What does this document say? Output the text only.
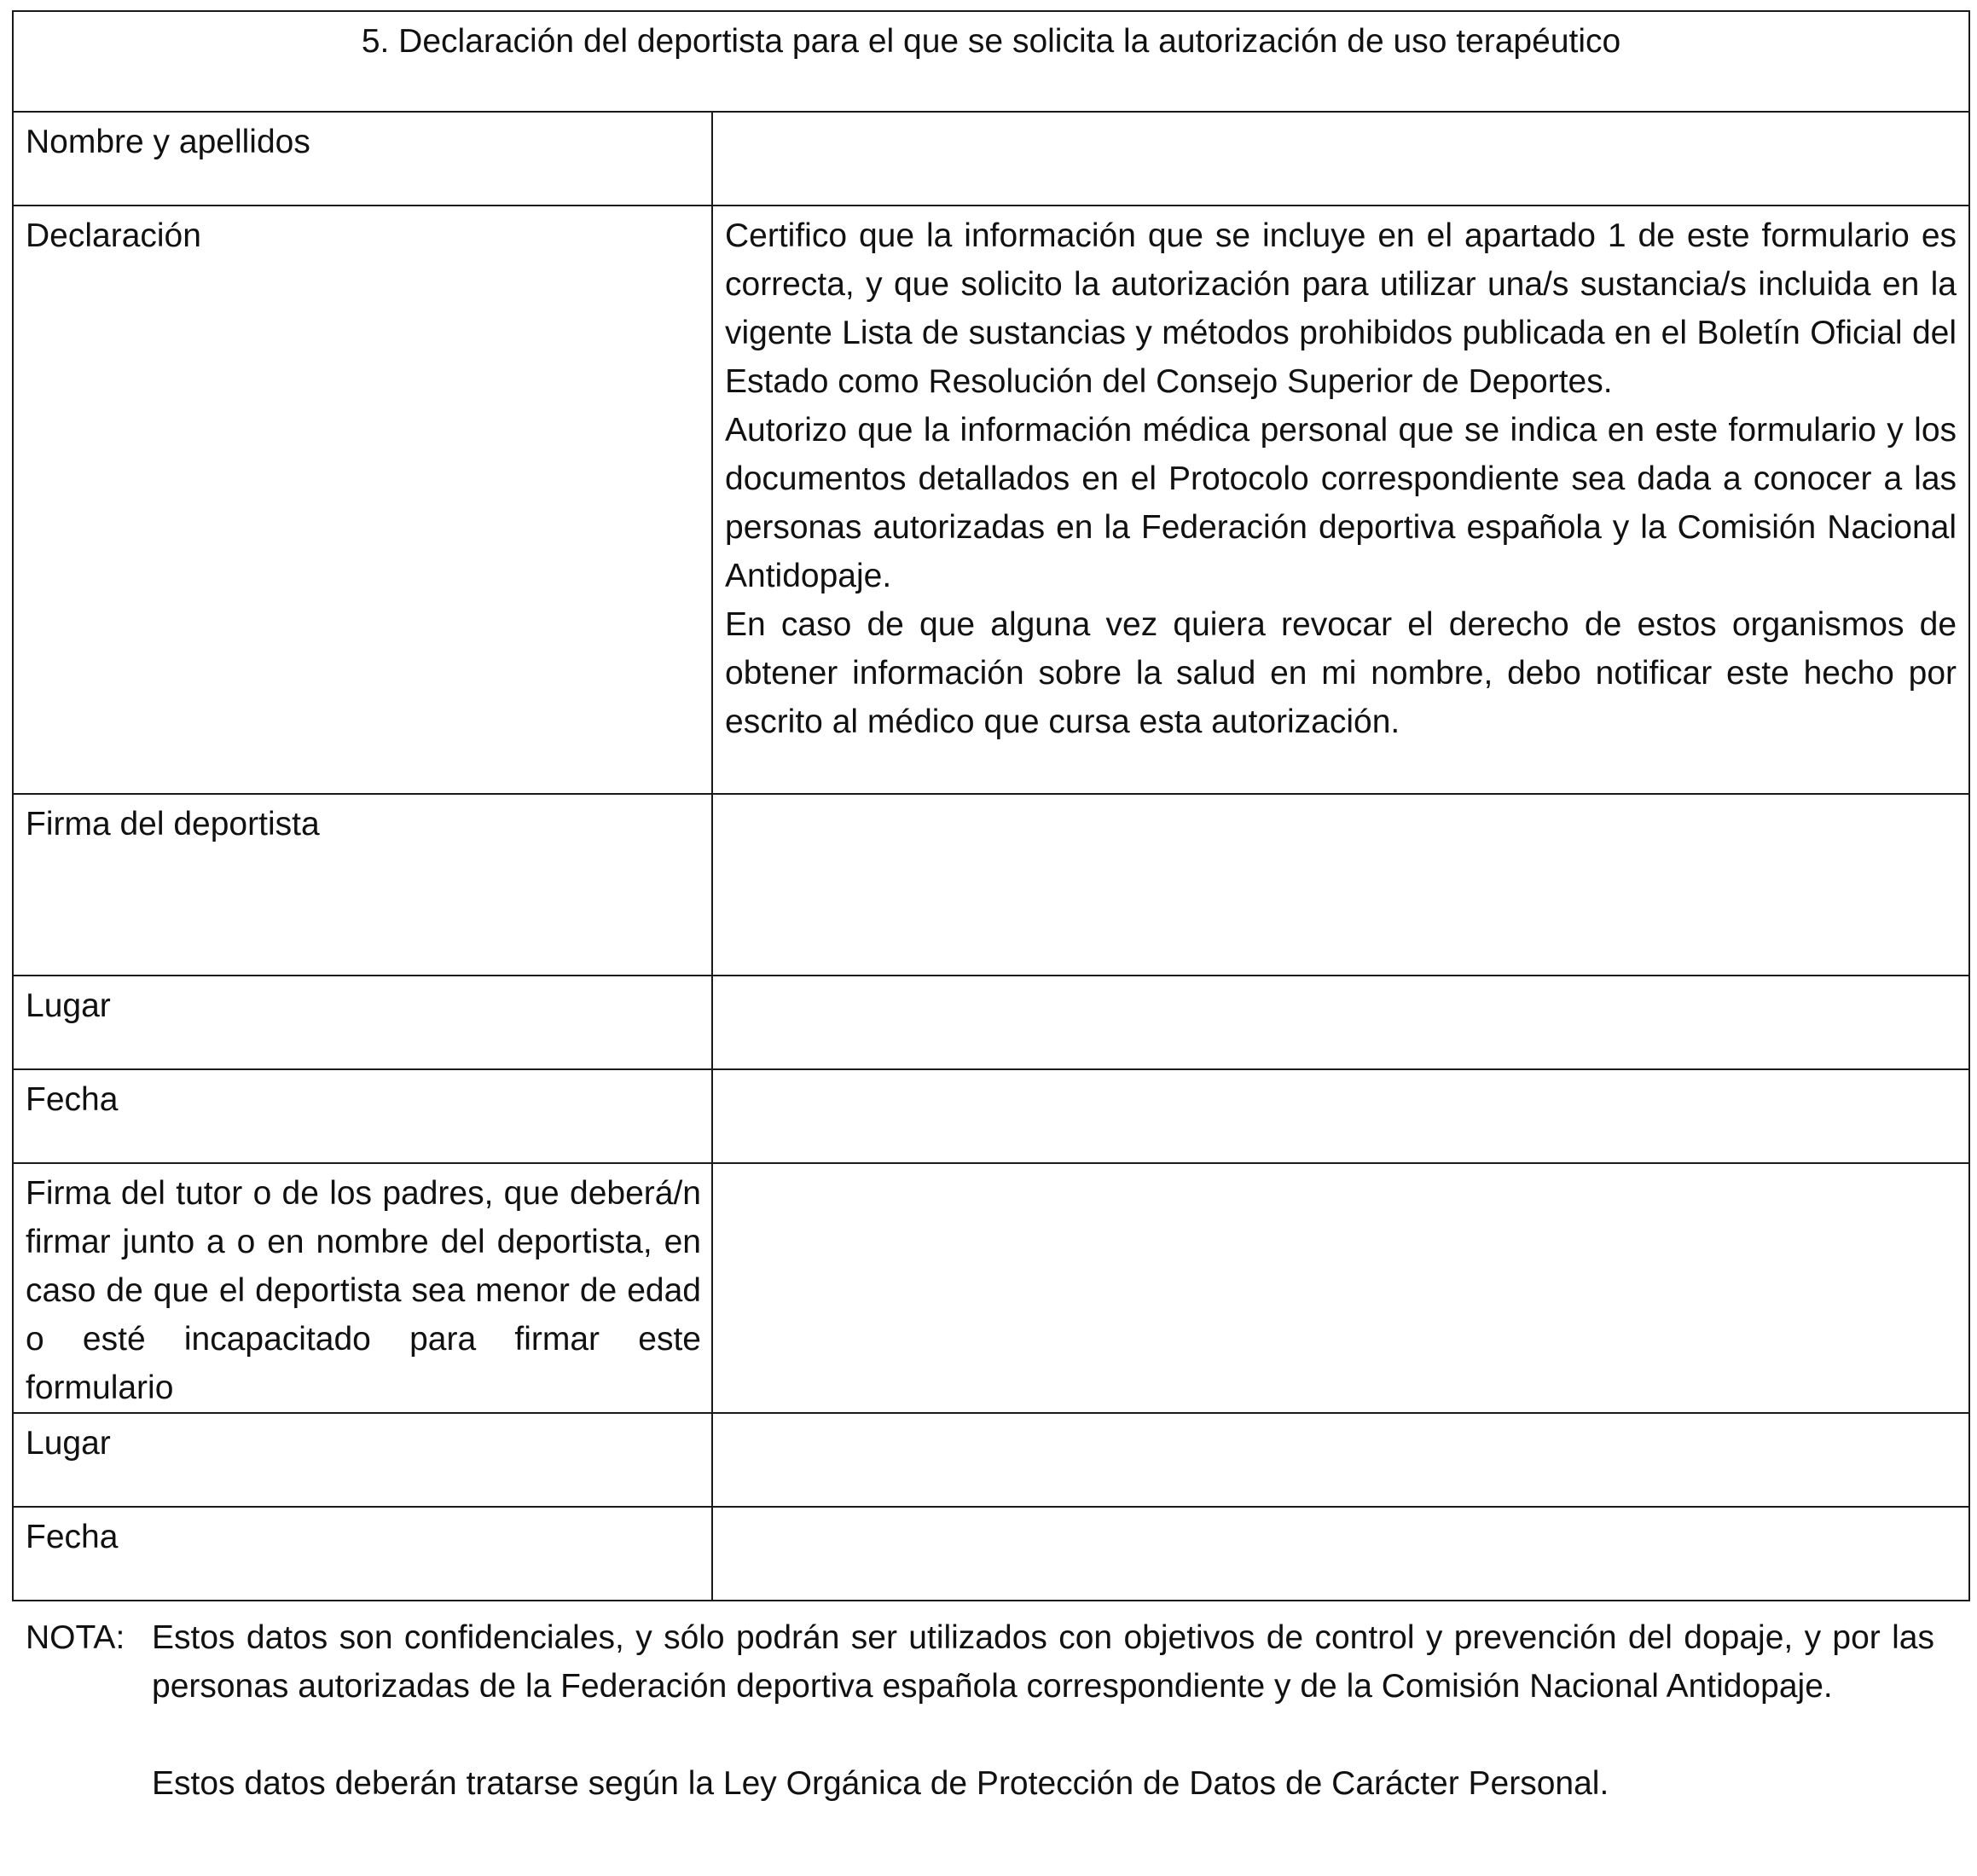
5. Declaración del deportista para el que se solicita la autorización de uso terapéutico	
Nombre y apellidos	
Declaración	Certifico que la información que se incluye en el apartado 1 de este formulario es correcta, y que solicito la autorización para utilizar una/s sustancia/s incluida en la vigente Lista de sustancias y métodos prohibidos publicada en el Boletín Oficial del Estado como Resolución del Consejo Superior de Deportes.
Autorizo que la información médica personal que se indica en este formulario y los documentos detallados en el Protocolo correspondiente sea dada a conocer a las personas autorizadas en la Federación deportiva española y la Comisión Nacional Antidopaje.
En caso de que alguna vez quiera revocar el derecho de estos organismos de obtener información sobre la salud en mi nombre, debo notificar este hecho por escrito al médico que cursa esta autorización.

Firma del deportista	
Lugar	
Fecha	

Firma del tutor o de los padres, que deberá/n firmar junto a o en nombre del deportista, en caso de que el deportista sea menor de edad o esté incapacitado para firmar este formulario	

Lugar	
Fecha	
NOTA: Estos datos son confidenciales, y sólo podrán ser utilizados con objetivos de control y prevención del dopaje, y por las personas autorizadas de la Federación deportiva española correspondiente y de la Comisión Nacional Antidopaje.
Estos datos deberán tratarse según la Ley Orgánica de Protección de Datos de Carácter Personal.
